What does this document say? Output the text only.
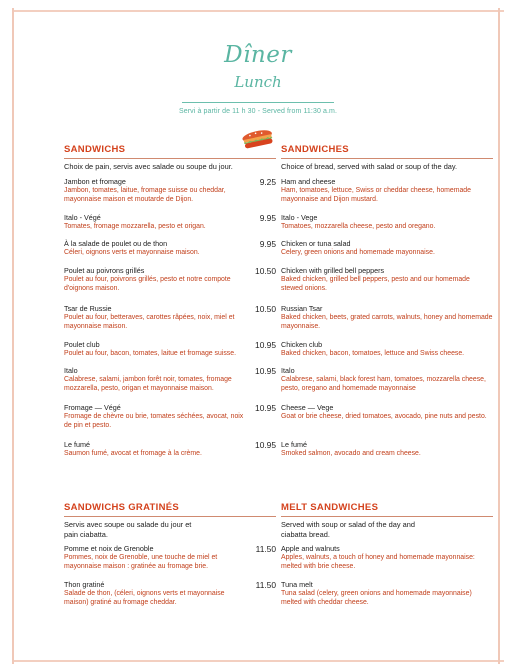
Dîner
Lunch
Servi à partir de 11 h 30 - Served from 11:30 a.m.
SANDWICHS
Choix de pain, servis avec salade ou soupe du jour.
Jambon et fromage
Jambon, tomates, laitue, fromage suisse ou cheddar, mayonnaise maison et moutarde de Dijon.
9.25
Italo - Végé
Tomates, fromage mozzarella, pesto et origan.
9.95
À la salade de poulet ou de thon
Céleri, oignons verts et mayonnaise maison.
9.95
Poulet au poivrons grillés
Poulet au four, poivrons grillés, pesto et notre compote d'oignons maison.
10.50
Tsar de Russie
Poulet au four, betteraves, carottes râpées, noix, miel et mayonnaise maison.
10.50
Poulet club
Poulet au four, bacon, tomates, laitue et fromage suisse.
10.95
Italo
Calabrese, salami, jambon forêt noir, tomates, fromage mozzarella, pesto, origan et mayonnaise maison.
10.95
Fromage — Végé
Fromage de chèvre ou brie, tomates séchées, avocat, noix de pin et pesto.
10.95
Le fumé
Saumon fumé, avocat et fromage à la crème.
10.95
SANDWICHES
Choice of bread, served with salad or soup of the day.
Ham and cheese
Ham, tomatoes, lettuce, Swiss or cheddar cheese, homemade mayonnaise and Dijon mustard.
Italo - Vege
Tomatoes, mozzarella cheese, pesto and oregano.
Chicken or tuna salad
Celery, green onions and homemade mayonnaise.
Chicken with grilled bell peppers
Baked chicken, grilled bell peppers, pesto and our homemade stewed onions.
Russian Tsar
Baked chicken, beets, grated carrots, walnuts, honey and homemade mayonnaise.
Chicken club
Baked chicken, bacon, tomatoes, lettuce and Swiss cheese.
Italo
Calabrese, salami, black forest ham, tomatoes, mozzarella cheese, pesto, oregano and homemade mayonnaise
Cheese — Vege
Goat or brie cheese, dried tomatoes, avocado, pine nuts and pesto.
Le fumé
Smoked salmon, avocado and cream cheese.
SANDWICHS GRATINÉS
Servis avec soupe ou salade du jour et pain ciabatta.
Pomme et noix de Grenoble
Pommes, noix de Grenoble, une touche de miel et mayonnaise maison : gratinée au fromage brie.
11.50
Thon gratiné
Salade de thon, (céleri, oignons verts et mayonnaise maison) gratiné au fromage cheddar.
11.50
MELT SANDWICHES
Served with soup or salad of the day and ciabatta bread.
Apple and walnuts
Apples, walnuts, a touch of honey and homemade mayonnaise: melted with brie cheese.
Tuna melt
Tuna salad (celery, green onions and homemade mayonnaise) melted with cheddar cheese.
